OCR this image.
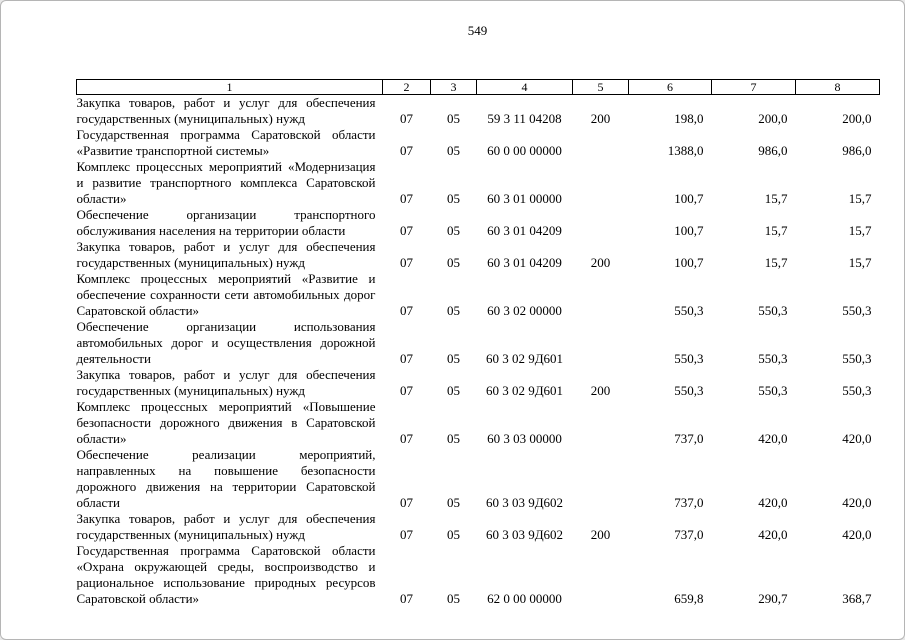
549
1	2	3	4	5	6	7	8
Закупка товаров, работ и услуг для обеспечения государственных (муниципальных) нужд	07	05	59 3 11 04208	200	198,0	200,0	200,0
Государственная программа Саратовской области «Развитие транспортной системы»	07	05	60 0 00 00000		1388,0	986,0	986,0
Комплекс процессных мероприятий «Модернизация и развитие транспортного комплекса Саратовской области»	07	05	60 3 01 00000		100,7	15,7	15,7
Обеспечение организации транспортного обслуживания населения на территории области	07	05	60 3 01 04209		100,7	15,7	15,7
Закупка товаров, работ и услуг для обеспечения государственных (муниципальных) нужд	07	05	60 3 01 04209	200	100,7	15,7	15,7
Комплекс процессных мероприятий «Развитие и обеспечение сохранности сети автомобильных дорог Саратовской области»	07	05	60 3 02 00000		550,3	550,3	550,3
Обеспечение организации использования автомобильных дорог и осуществления дорожной деятельности	07	05	60 3 02 9Д601		550,3	550,3	550,3
Закупка товаров, работ и услуг для обеспечения государственных (муниципальных) нужд	07	05	60 3 02 9Д601	200	550,3	550,3	550,3
Комплекс процессных мероприятий «Повышение безопасности дорожного движения в Саратовской области»	07	05	60 3 03 00000		737,0	420,0	420,0
Обеспечение реализации мероприятий, направленных на повышение безопасности дорожного движения на территории Саратовской области	07	05	60 3 03 9Д602		737,0	420,0	420,0
Закупка товаров, работ и услуг для обеспечения государственных (муниципальных) нужд	07	05	60 3 03 9Д602	200	737,0	420,0	420,0
Государственная программа Саратовской области «Охрана окружающей среды, воспроизводство и рациональное использование природных ресурсов Саратовской области»	07	05	62 0 00 00000		659,8	290,7	368,7
